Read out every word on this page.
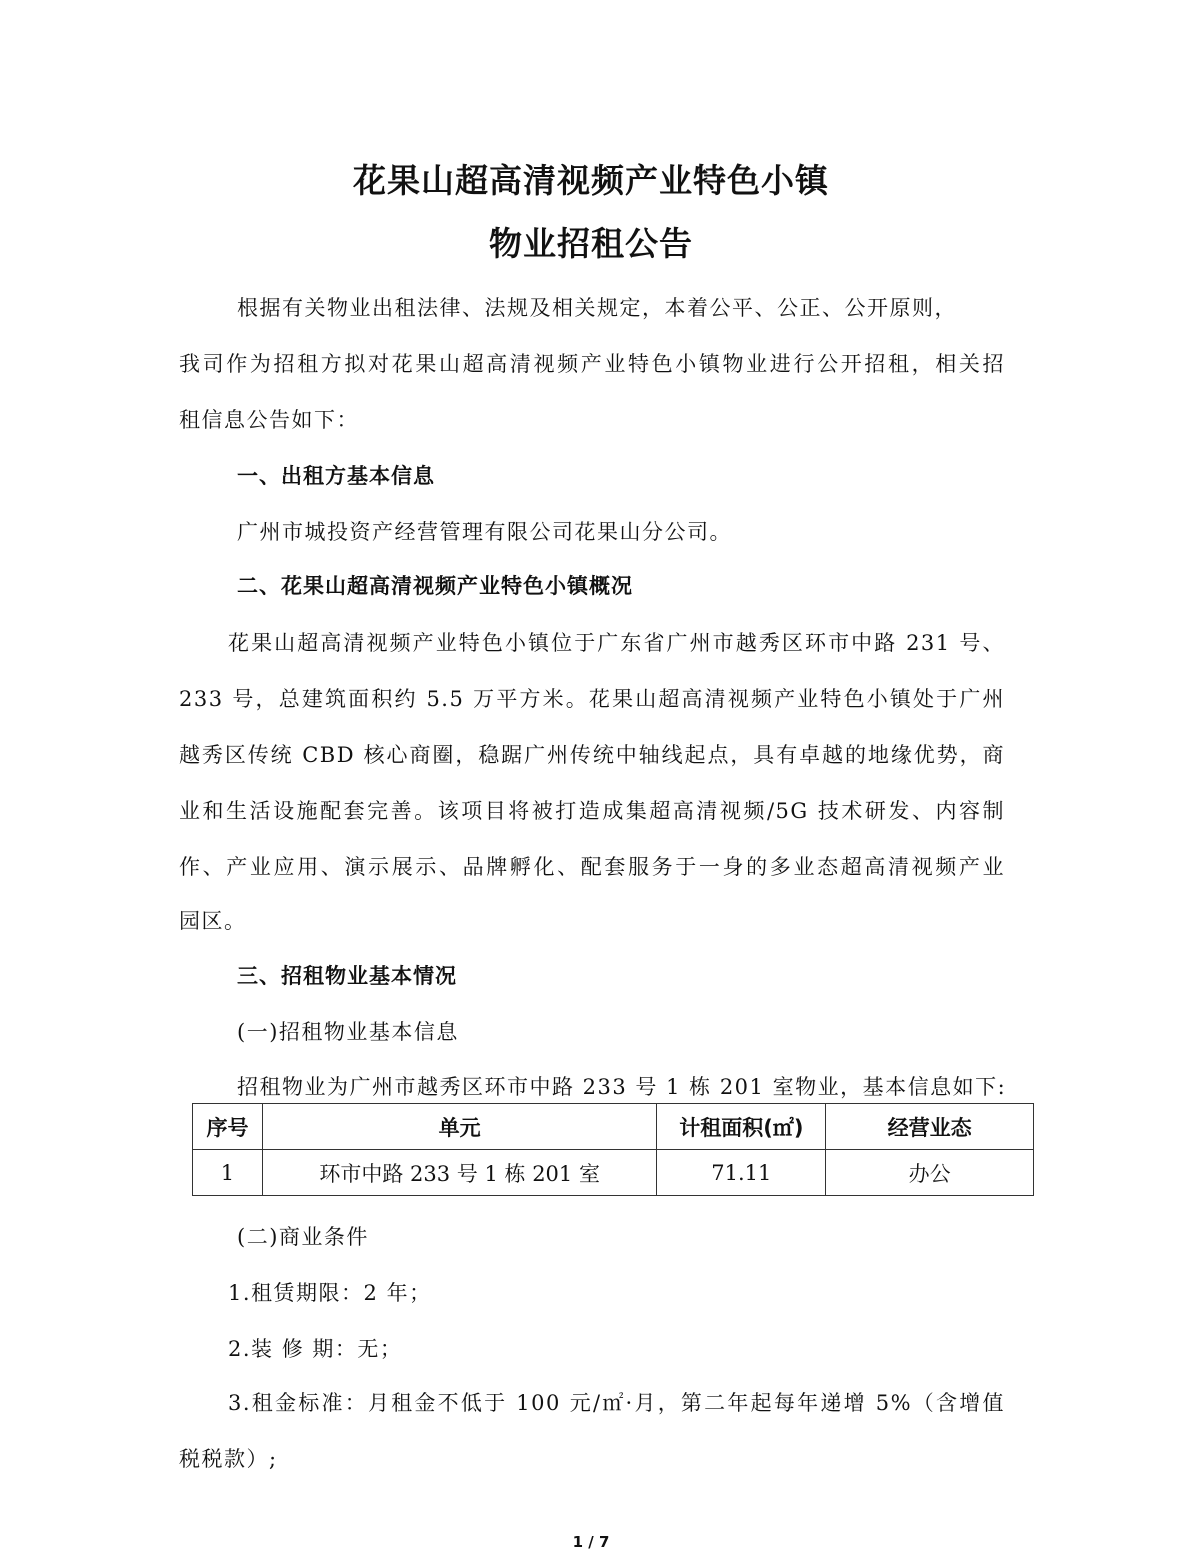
花果山超高清视频产业特色小镇
物业招租公告
根据有关物业出租法律、法规及相关规定，本着公平、公正、公开原则，
我司作为招租方拟对花果山超高清视频产业特色小镇物业进行公开招租，相关招
租信息公告如下：
一、出租方基本信息
广州市城投资产经营管理有限公司花果山分公司。
二、花果山超高清视频产业特色小镇概况
花果山超高清视频产业特色小镇位于广东省广州市越秀区环市中路 231 号、
233 号，总建筑面积约 5.5 万平方米。花果山超高清视频产业特色小镇处于广州
越秀区传统 CBD 核心商圈，稳踞广州传统中轴线起点，具有卓越的地缘优势，商
业和生活设施配套完善。该项目将被打造成集超高清视频/5G 技术研发、内容制
作、产业应用、演示展示、品牌孵化、配套服务于一身的多业态超高清视频产业
园区。
三、招租物业基本情况
(一)招租物业基本信息
招租物业为广州市越秀区环市中路 233 号 1 栋 201 室物业，基本信息如下:
序号	单元	计租面积(㎡)	经营业态
1	环市中路 233 号 1 栋 201 室	71.11	办公
(二)商业条件
1.租赁期限：2 年；
2.装 修 期：无；
3.租金标准：月租金不低于 100 元/㎡·月，第二年起每年递增 5%（含增值
税税款）;
1 / 7
